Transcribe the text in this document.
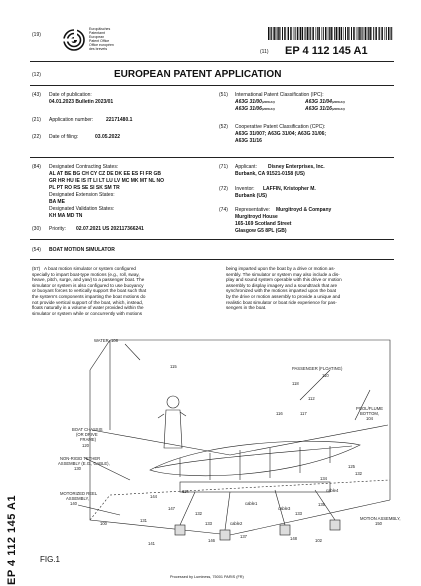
(19)
Europäisches
Patentamt
European
Patent Office
Office européen
des brevets	(11) EP 4 112 145 A1
(12)	EUROPEAN PATENT APPLICATION
(43) Date of publication:
04.01.2023 Bulletin 2023/01
(21) Application number:	22171480.1
(22) Date of filing:	03.05.2022
(51) International Patent Classification (IPC):
A63G $31/00^{(2006.01)}$	A63G $31/04^{(2006.01)}$
A63G $31/06^{(2006.01)}$	A63G $31/16^{(2006.01)}$
(52) Cooperative Patent Classification (CPC):
A63G 31/007; A63G 31/04; A63G 31/06;
A63G 31/16
(84) Designated Contracting States:
AL AT BE BG CH CY CZ DE DK EE ES FI FR GB
GR HR HU IE IS IT LI LT LU LV MC MK MT NL NO
PL PT RO RS SE SI SK SM TR
Designated Extension States:
BA ME
Designated Validation States:
KH MA MD TN
(30) Priority: 02.07.2021 US 202117366241
(71) Applicant: Disney Enterprises, Inc.
Burbank, CA 91521-0158 (US)
(72) Inventor: LAFFIN, Kristopher M.
Burbank (US)
(74) Representative: Murgitroyd & Company
Murgitroyd House
165-169 Scotland Street
Glasgow G5 8PL (GB)
(54) BOAT MOTION SIMULATOR
(57) A boat motion simulator or system configured
specially to impart boat-type motions (e.g., roll, sway,
heave, pitch, surge, and yaw) to a passenger boat. The
simulator or system is also configured to use buoyancy
or buoyant forces to vertically support the boat such that
the system's components imparting the boat motions do
not provide vertical support of the boat, which, instead,
floats naturally in a volume of water provided within the
simulator or system while or concurrently with motions
being imparted upon the boat by a drive or motion as-
sembly. The simulator or system may also include a dis-
play and sound system operable with this drive or motion
assembly to display imagery and a soundtrack that are
synchronized with the motions imparted upon the boat
by the drive or motion assembly to provide a unique and
realistic boat simulator or boat ride experience for pas-
sengers in the boat.
WATER, 108
115	PASSENGER (FLOATING)
110
118
112
BOAT CHASSIS
(OR DRIVE
FRAME)
120
116	117
POOL/FLUME
BOTTOM,
104
NON-RIGID TETHER
ASSEMBLY (E.G., CABLE),
130
114
125
132
134
MOTORIZED REEL
ASSEMBLY,
140
144
147
131
132
133
146
137
141
100
133
135
148	102
MOTION ASSEMBLY,
150
cable1
cable2
cable3
cable4
FIG.1
EP 4 112 145 A1	Processed by Luminess, 75001 PARIS (FR)
